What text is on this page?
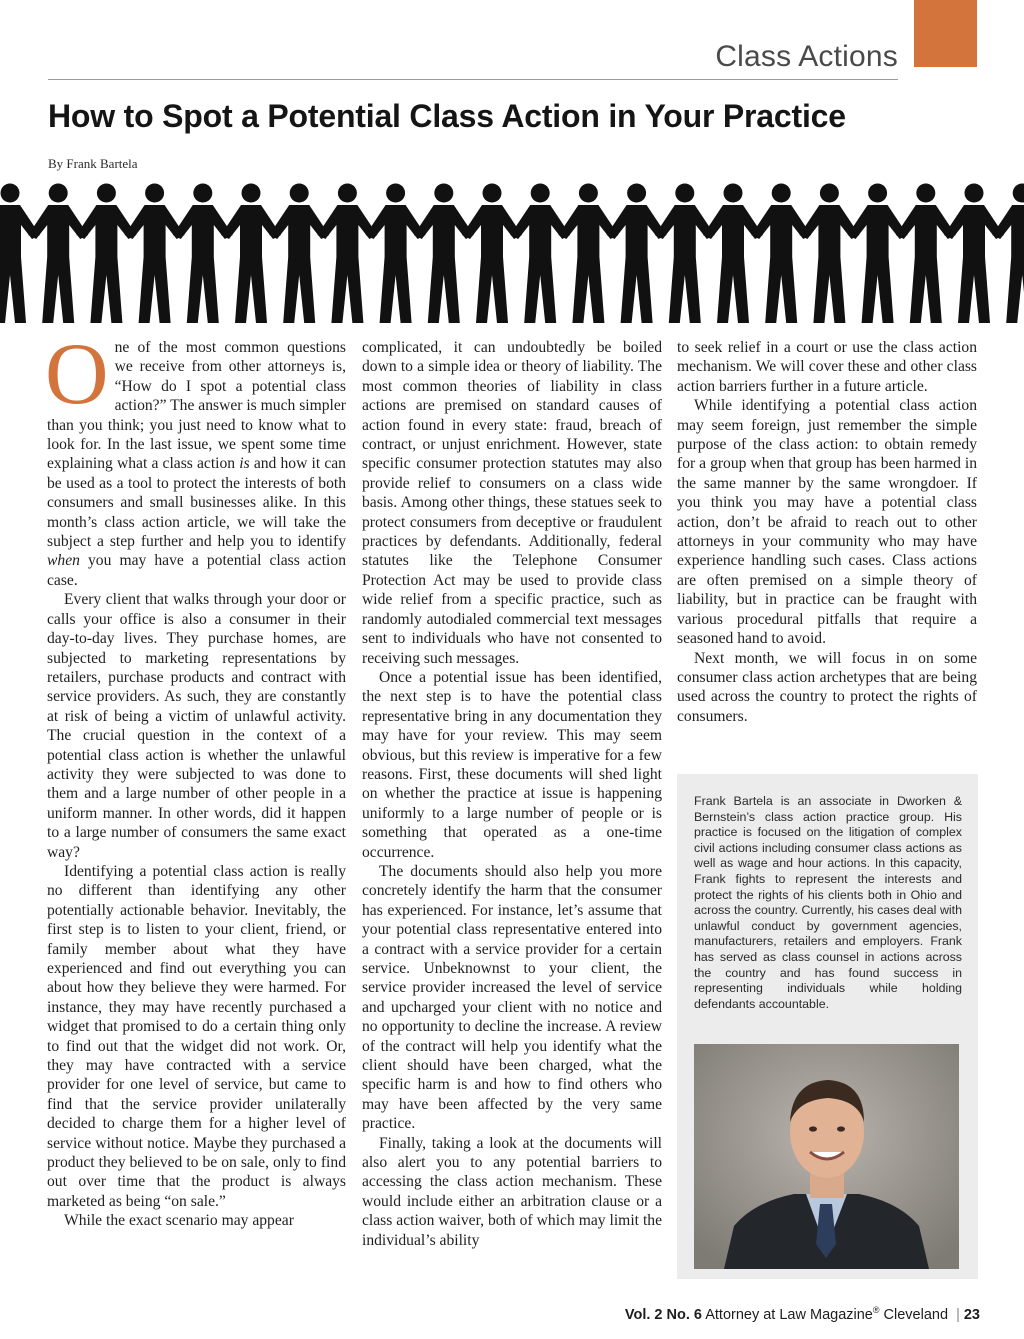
Class Actions
How to Spot a Potential Class Action in Your Practice
By Frank Bartela

One of the most common questions we receive from other attorneys is, “How do I spot a potential class action?” The answer is much simpler than you think; you just need to know what to look for. In the last issue, we spent some time explaining what a class action is and how it can be used as a tool to protect the interests of both consumers and small businesses alike. In this month’s class action article, we will take the subject a step further and help you to identify when you may have a potential class action case.

Every client that walks through your door or calls your office is also a consumer in their day-to-day lives. They purchase homes, are subjected to marketing representations by retailers, purchase products and contract with service providers. As such, they are constantly at risk of being a victim of unlawful activity. The crucial question in the context of a potential class action is whether the unlawful activity they were subjected to was done to them and a large number of other people in a uniform manner. In other words, did it happen to a large number of consumers the same exact way?

Identifying a potential class action is really no different than identifying any other potentially actionable behavior. Inevitably, the first step is to listen to your client, friend, or family member about what they have experienced and find out everything you can about how they believe they were harmed. For instance, they may have recently purchased a widget that promised to do a certain thing only to find out that the widget did not work. Or, they may have contracted with a service provider for one level of service, but came to find that the service provider unilaterally decided to charge them for a higher level of service without notice. Maybe they purchased a product they believed to be on sale, only to find out over time that the product is always marketed as being “on sale.”

While the exact scenario may appear

complicated, it can undoubtedly be boiled down to a simple idea or theory of liability. The most common theories of liability in class actions are premised on standard causes of action found in every state: fraud, breach of contract, or unjust enrichment. However, state specific consumer protection statutes may also provide relief to consumers on a class wide basis. Among other things, these statues seek to protect consumers from deceptive or fraudulent practices by defendants. Additionally, federal statutes like the Telephone Consumer Protection Act may be used to provide class wide relief from a specific practice, such as randomly autodialed commercial text messages sent to individuals who have not consented to receiving such messages.

Once a potential issue has been identified, the next step is to have the potential class representative bring in any documentation they may have for your review. This may seem obvious, but this review is imperative for a few reasons. First, these documents will shed light on whether the practice at issue is happening uniformly to a large number of people or is something that operated as a one-time occurrence.

The documents should also help you more concretely identify the harm that the consumer has experienced. For instance, let’s assume that your potential class representative entered into a contract with a service provider for a certain service. Unbeknownst to your client, the service provider increased the level of service and upcharged your client with no notice and no opportunity to decline the increase. A review of the contract will help you identify what the client should have been charged, what the specific harm is and how to find others who may have been affected by the very same practice.

Finally, taking a look at the documents will also alert you to any potential barriers to accessing the class action mechanism. These would include either an arbitration clause or a class action waiver, both of which may limit the individual’s ability

to seek relief in a court or use the class action mechanism. We will cover these and other class action barriers further in a future article.

While identifying a potential class action may seem foreign, just remember the simple purpose of the class action: to obtain remedy for a group when that group has been harmed in the same manner by the same wrongdoer. If you think you may have a potential class action, don’t be afraid to reach out to other attorneys in your community who may have experience handling such cases. Class actions are often premised on a simple theory of liability, but in practice can be fraught with various procedural pitfalls that require a seasoned hand to avoid.

Next month, we will focus in on some consumer class action archetypes that are being used across the country to protect the rights of consumers.

Frank Bartela is an associate in Dworken & Bernstein’s class action practice group. His practice is focused on the litigation of complex civil actions including consumer class actions as well as wage and hour actions. In this capacity, Frank fights to represent the interests and protect the rights of his clients both in Ohio and across the country. Currently, his cases deal with unlawful conduct by government agencies, manufacturers, retailers and employers. Frank has served as class counsel in actions across the country and has found success in representing individuals while holding defendants accountable.
Vol. 2 No. 6 Attorney at Law Magazine® Cleveland | 23
